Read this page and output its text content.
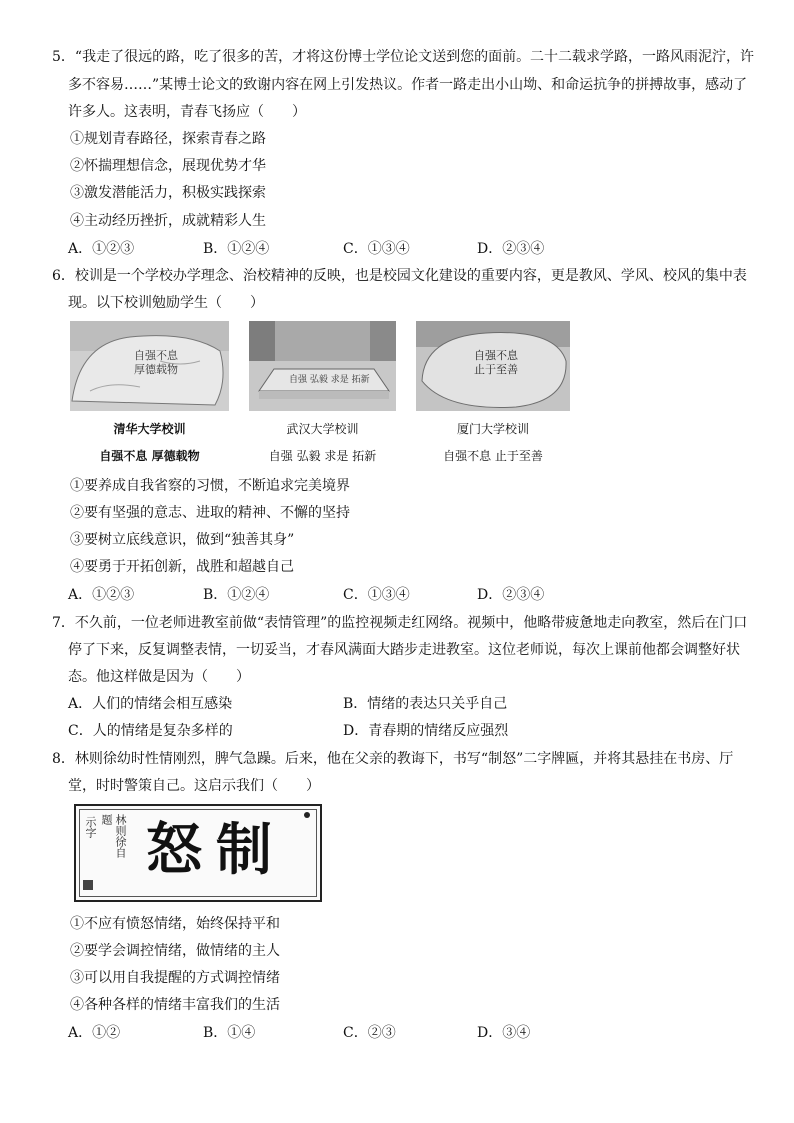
5．“我走了很远的路，吃了很多的苦，才将这份博士学位论文送到您的面前。二十二载求学路，一路风雨泥泞，许
多不容易……”某博士论文的致谢内容在网上引发热议。作者一路走出小山坳、和命运抗争的拼搏故事，感动了
许多人。这表明，青春飞扬应（　　）
①规划青春路径，探索青春之路
②怀揣理想信念，展现优势才华
③激发潜能活力，积极实践探索
④主动经历挫折，成就精彩人生
A．①②③	B．①②④	C．①③④	D．②③④
6．校训是一个学校办学理念、治校精神的反映，也是校园文化建设的重要内容，更是教风、学风、校风的集中表
现。以下校训勉励学生（　　）
自强不息
厚德载物
清华大学校训
自强不息 厚德载物
自强 弘毅 求是 拓新
武汉大学校训
自强 弘毅 求是 拓新
自强不息
止于至善
厦门大学校训
自强不息 止于至善
①要养成自我省察的习惯，不断追求完美境界
②要有坚强的意志、进取的精神、不懈的坚持
③要树立底线意识，做到“独善其身”
④要勇于开拓创新，战胜和超越自己
A．①②③	B．①②④	C．①③④	D．②③④
7．不久前，一位老师进教室前做“表情管理”的监控视频走红网络。视频中，他略带疲惫地走向教室，然后在门口
停了下来，反复调整表情，一切妥当，才春风满面大踏步走进教室。这位老师说，每次上课前他都会调整好状
态。他这样做是因为（　　）
A．人们的情绪会相互感染	B．情绪的表达只关乎自己
C．人的情绪是复杂多样的	D．青春期的情绪反应强烈
8．林则徐幼时性情刚烈，脾气急躁。后来，他在父亲的教诲下，书写“制怒”二字牌匾，并将其悬挂在书房、厅
堂，时时警策自己。这启示我们（　　）
示字 题 林则徐自 制怒
①不应有愤怒情绪，始终保持平和
②要学会调控情绪，做情绪的主人
③可以用自我提醒的方式调控情绪
④各种各样的情绪丰富我们的生活
A．①②	B．①④	C．②③	D．③④
